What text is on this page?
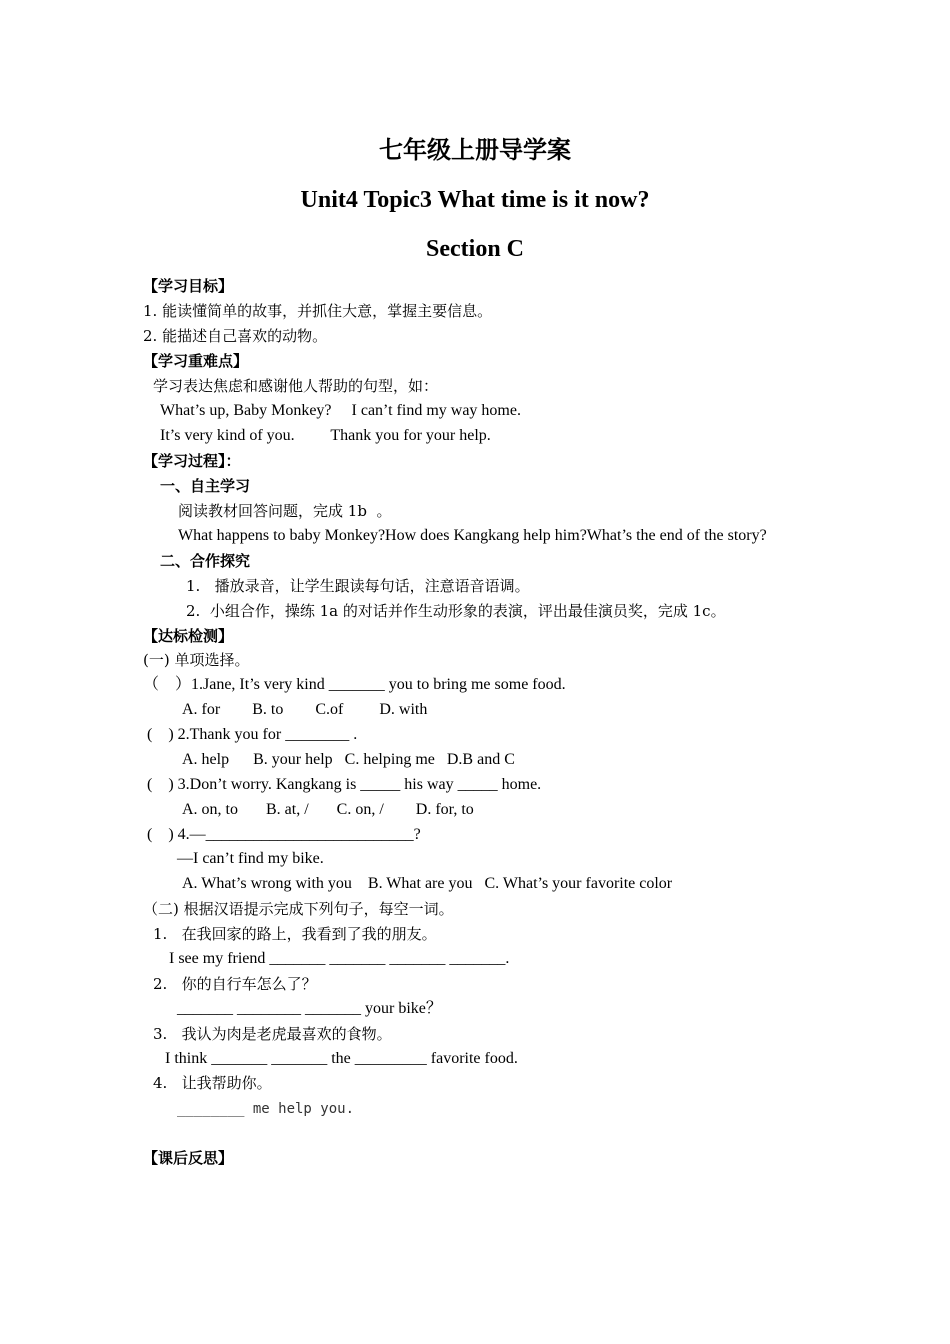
七年级上册导学案
Unit4 Topic3 What time is it now?
Section C
【学习目标】
1. 能读懂简单的故事，并抓住大意，掌握主要信息。
2. 能描述自己喜欢的动物。
【学习重难点】
学习表达焦虑和感谢他人帮助的句型，如：
What’s up, Baby Monkey?     I can’t find my way home.
It’s very kind of you.         Thank you for your help.
【学习过程】：
一、自主学习
阅读教材回答问题，完成 1b  。
What happens to baby Monkey?How does Kangkang help him?What’s the end of the story?
二、合作探究
1.   播放录音，让学生跟读每句话，注意语音语调。
2.  小组合作，操练 1a 的对话并作生动形象的表演，评出最佳演员奖，完成 1c。
【达标检测】
(一) 单项选择。
（    ）1.Jane, It’s very kind _______ you to bring me some food.
A. for        B. to        C.of         D. with
(    ) 2.Thank you for ________ .
A. help      B. your help   C. helping me   D.B and C
(    ) 3.Don’t worry. Kangkang is _____ his way _____ home.
A. on, to       B. at, /       C. on, /        D. for, to
(    ) 4.—__________________________?
—I can’t find my bike.
A. What’s wrong with you    B. What are you   C. What’s your favorite color
（二) 根据汉语提示完成下列句子，每空一词。
1.   在我回家的路上，我看到了我的朋友。
I see my friend _______ _______ _______ _______.
2.   你的自行车怎么了？
_______ ________ _______ your bike？
3.   我认为肉是老虎最喜欢的食物。
I think _______ _______ the _________ favorite food.
4.   让我帮助你。
________ me help you.
【课后反思】
